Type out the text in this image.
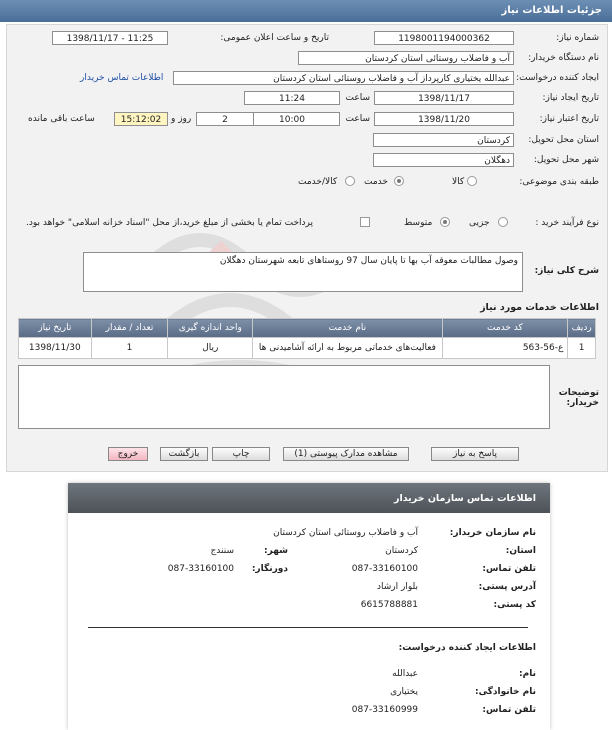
جزئیات اطلاعات نیاز
شماره نیاز:
1198001194000362
تاریخ و ساعت اعلان عمومی:
1398/11/17 - 11:25
نام دستگاه خریدار:
آب و فاضلاب روستائی استان کردستان
ایجاد کننده درخواست:
عبدالله یختیاری کارپرداز آب و فاضلاب روستائی استان کردستان
اطلاعات تماس خریدار
تاریخ ایجاد نیاز:
1398/11/17
ساعت
11:24
تاریخ اعتبار نیاز:
1398/11/20
ساعت
10:00
2
روز و
15:12:02
ساعت باقی مانده
استان محل تحویل:
کردستان
شهر محل تحویل:
دهگلان
طبقه بندی موضوعی:
کالا
خدمت
کالا/خدمت
نوع فرآیند خرید :
جزیی
متوسط
پرداخت تمام یا بخشی از مبلغ خرید،از محل "اسناد خزانه اسلامی" خواهد بود.
شرح کلی نیاز:
وصول مطالبات معوقه آب بها تا پایان سال 97 روستاهای تابعه شهرستان دهگلان
اطلاعات خدمات مورد نیاز
تاریخ نیاز	تعداد / مقدار	واحد اندازه گیری	نام خدمت	کد خدمت	ردیف
1398/11/30	1	ریال	فعالیت‌های خدماتی مربوط به ارائه آشامیدنی ها	ع-56-563	1
توضیحات خریدار:
پاسخ به نیاز
مشاهده مدارک پیوستی (1)
چاپ
بازگشت
خروج
اطلاعات تماس سازمان خریدار
نام سازمان خریدار:
آب و فاضلاب روستائی استان کردستان
استان:
کردستان
شهر:
سنندج
تلفن تماس:
087-33160100
دورنگار:
087-33160100
آدرس پستی:
بلوار ارشاد
کد پستی:
6615788881
اطلاعات ایجاد کننده درخواست:
نام:
عبدالله
نام خانوادگی:
یختیاری
تلفن تماس:
087-33160999
